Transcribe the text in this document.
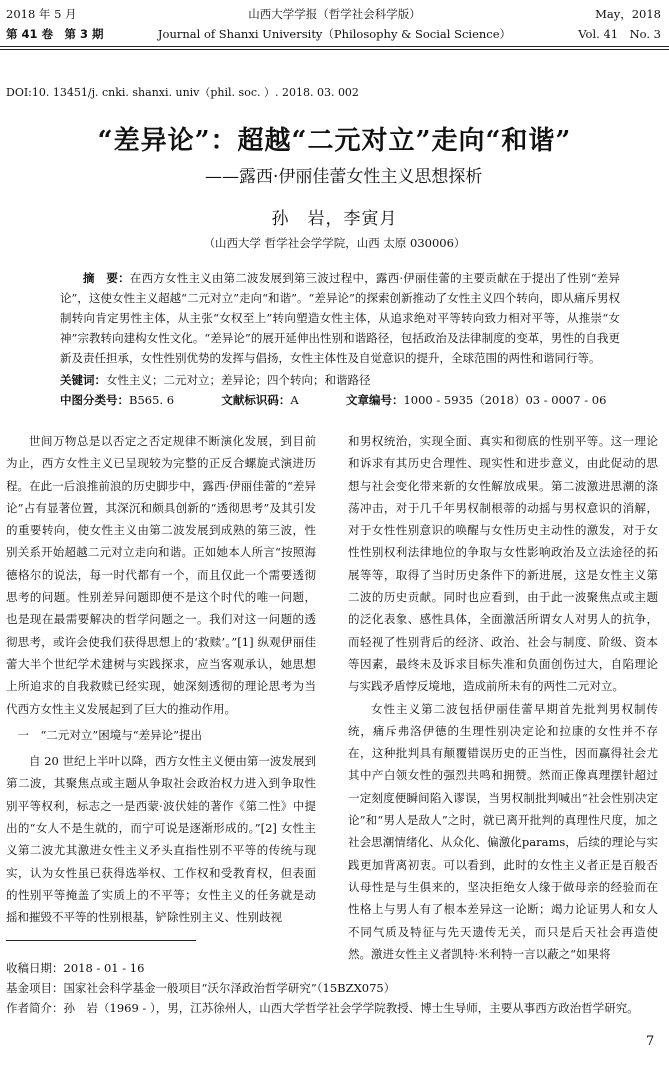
2018 年 5 月
第 41 卷　第 3 期
山西大学学报（哲学社会科学版）
Journal of Shanxi University（Philosophy & Social Science）
May，2018
Vol. 41　No. 3
DOI:10. 13451/j. cnki. shanxi. univ（phil. soc. ）. 2018. 03. 002
“差异论”：超越“二元对立”走向“和谐”
——露西·伊丽佳蕾女性主义思想探析
孙　岩，李寅月
（山西大学 哲学社会学学院，山西 太原 030006）
摘　要：在西方女性主义由第二波发展到第三波过程中，露西·伊丽佳蕾的主要贡献在于提出了性别“差异论”，这使女性主义超越“二元对立”走向“和谐”。“差异论”的探索创新推动了女性主义四个转向，即从痛斥男权制转向肯定男性主体，从主张“女权至上”转向塑造女性主体，从追求绝对平等转向致力相对平等，从推崇“女神”宗教转向建构女性文化。“差异论”的展开延伸出性别和谐路径，包括政治及法律制度的变革，男性的自我更新及责任担承，女性性别优势的发挥与倡扬，女性主体性及自觉意识的提升，全球范围的两性和谐同行等。
关键词：女性主义；二元对立；差异论；四个转向；和谐路径
中图分类号：B565. 6	文献标识码：A	文章编号：1000 - 5935（2018）03 - 0007 - 06

世间万物总是以否定之否定规律不断演化发展，到目前为止，西方女性主义已呈现较为完整的正反合螺旋式演进历程。在此一后浪推前浪的历史脚步中，露西·伊丽佳蕾的“差异论”占有显著位置，其深沉和颇具创新的“透彻思考”及其引发的重要转向，使女性主义由第二波发展到成熟的第三波，性别关系开始超越二元对立走向和谐。正如她本人所言“按照海德格尔的说法，每一时代都有一个，而且仅此一个需要透彻思考的问题。性别差异问题即便不是这个时代的唯一问题，也是现在最需要解决的哲学问题之一。我们对这一问题的透彻思考，或许会使我们获得思想上的‘救赎’。”[1] 纵观伊丽佳蕾大半个世纪学术建树与实践探求，应当客观承认，她思想上所追求的自我救赎已经实现，她深刻透彻的理论思考为当代西方女性主义发展起到了巨大的推动作用。

一　“二元对立”困境与“差异论”提出

自 20 世纪上半叶以降，西方女性主义便由第一波发展到第二波，其聚焦点或主题从争取社会政治权力进入到争取性别平等权利，标志之一是西蒙·波伏娃的著作《第二性》中提出的“女人不是生就的，而宁可说是逐渐形成的。”[2] 女性主义第二波尤其激进女性主义矛头直指性别不平等的传统与现实，认为女性虽已获得选举权、工作权和受教育权，但表面的性别平等掩盖了实质上的不平等；女性主义的任务就是动摇和摧毁不平等的性别根基，铲除性别主义、性别歧视

和男权统治，实现全面、真实和彻底的性别平等。这一理论和诉求有其历史合理性、现实性和进步意义，由此促动的思想与社会变化带来新的女性解放成果。第二波激进思潮的涤荡冲击，对于几千年男权制根蒂的动摇与男权意识的消解，对于女性性别意识的唤醒与女性历史主动性的激发，对于女性性别权利法律地位的争取与女性影响政治及立法途径的拓展等等，取得了当时历史条件下的新进展，这是女性主义第二波的历史贡献。同时也应看到，由于此一波聚焦点或主题的泛化表象、感性具体，全面激活所谓女人对男人的抗争，而轻视了性别背后的经济、政治、社会与制度、阶级、资本等因素，最终未及诉求目标失准和负面创伤过大，自陷理论与实践矛盾悖反境地，造成前所未有的两性二元对立。

女性主义第二波包括伊丽佳蕾早期首先批判男权制传统，痛斥弗洛伊德的生理性别决定论和拉康的女性并不存在，这种批判具有颠覆错误历史的正当性，因而赢得社会尤其中产白领女性的强烈共鸣和拥赞。然而正像真理摆针超过一定刻度便瞬间陷入谬误，当男权制批判喊出“社会性别决定论”和“男人是敌人”之时，就已离开批判的真理性尺度，加之社会思潮情绪化、从众化、偏激化params，后续的理论与实践更加背离初衷。可以看到，此时的女性主义者正是百般否认母性是与生俱来的，坚决拒绝女人缘于做母亲的经验而在性格上与男人有了根本差异这一论断；竭力论证男人和女人不同气质及特征与先天遗传无关，而只是后天社会再造使然。激进女性主义者凯特·米利特一言以蔽之“如果将

收稿日期：2018 - 01 - 16
基金项目：国家社会科学基金一般项目“沃尔泽政治哲学研究”（15BZX075）
作者简介：孙　岩（1969 - ），男，江苏徐州人，山西大学哲学社会学学院教授、博士生导师，主要从事西方政治哲学研究。
7
